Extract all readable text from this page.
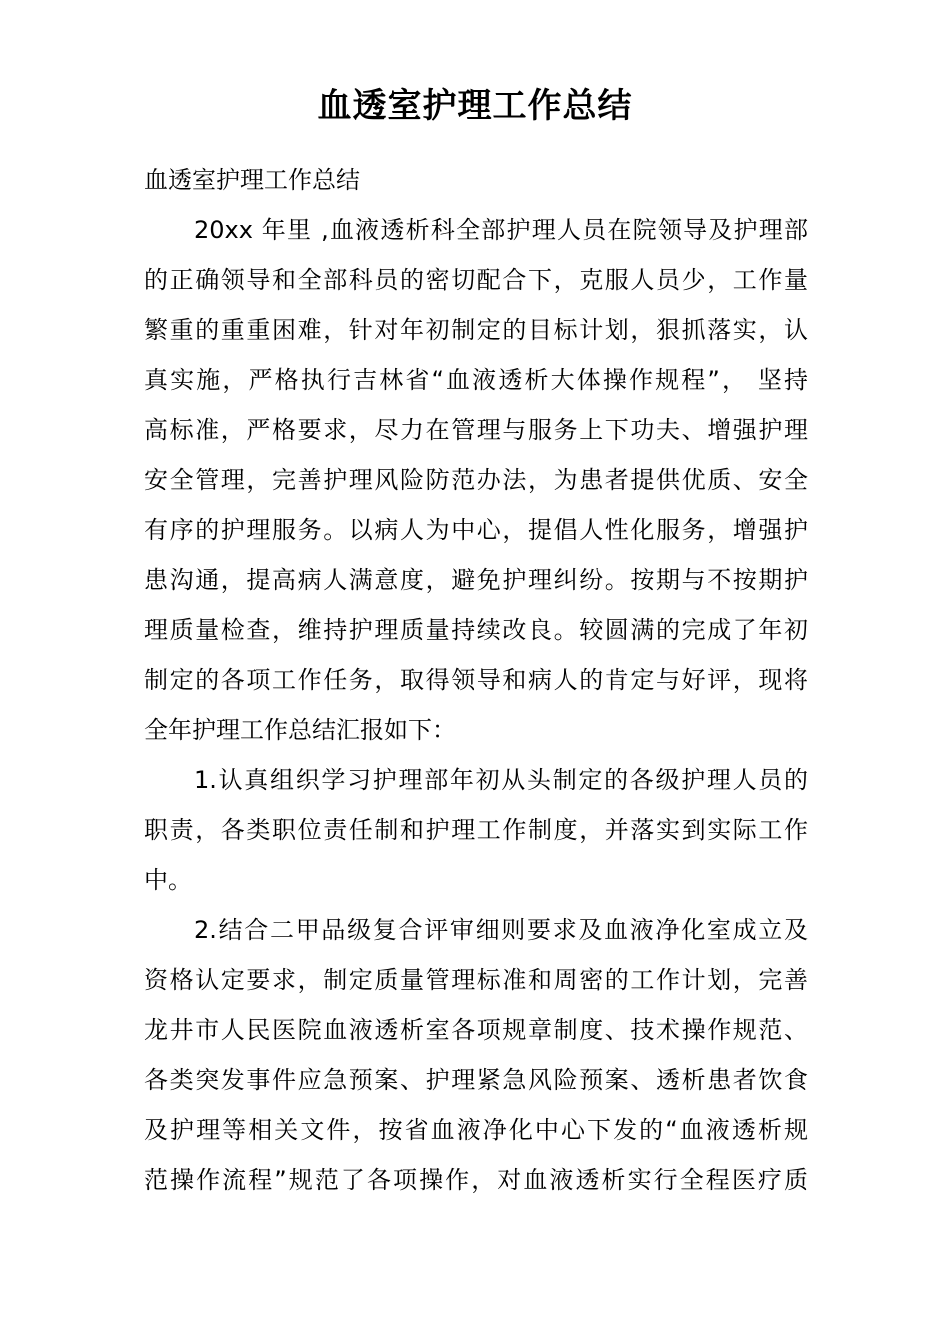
血透室护理工作总结

血透室护理工作总结

20xx 年里 ,血液透析科全部护理人员在院领导及护理部
的正确领导和全部科员的密切配合下，克服人员少，工作量
繁重的重重困难，针对年初制定的目标计划，狠抓落实，认
真实施，严格执行吉林省“血液透析大体操作规程”， 坚持
高标准，严格要求，尽力在管理与服务上下功夫、增强护理
安全管理，完善护理风险防范办法，为患者提供优质、安全
有序的护理服务。以病人为中心，提倡人性化服务，增强护
患沟通，提高病人满意度，避免护理纠纷。按期与不按期护
理质量检查，维持护理质量持续改良。较圆满的完成了年初
制定的各项工作任务，取得领导和病人的肯定与好评，现将
全年护理工作总结汇报如下：

1.认真组织学习护理部年初从头制定的各级护理人员的
职责，各类职位责任制和护理工作制度，并落实到实际工作
中。

2.结合二甲品级复合评审细则要求及血液净化室成立及
资格认定要求，制定质量管理标准和周密的工作计划，完善
龙井市人民医院血液透析室各项规章制度、技术操作规范、
各类突发事件应急预案、护理紧急风险预案、透析患者饮食
及护理等相关文件，按省血液净化中心下发的“血液透析规
范操作流程”规范了各项操作，对血液透析实行全程医疗质
